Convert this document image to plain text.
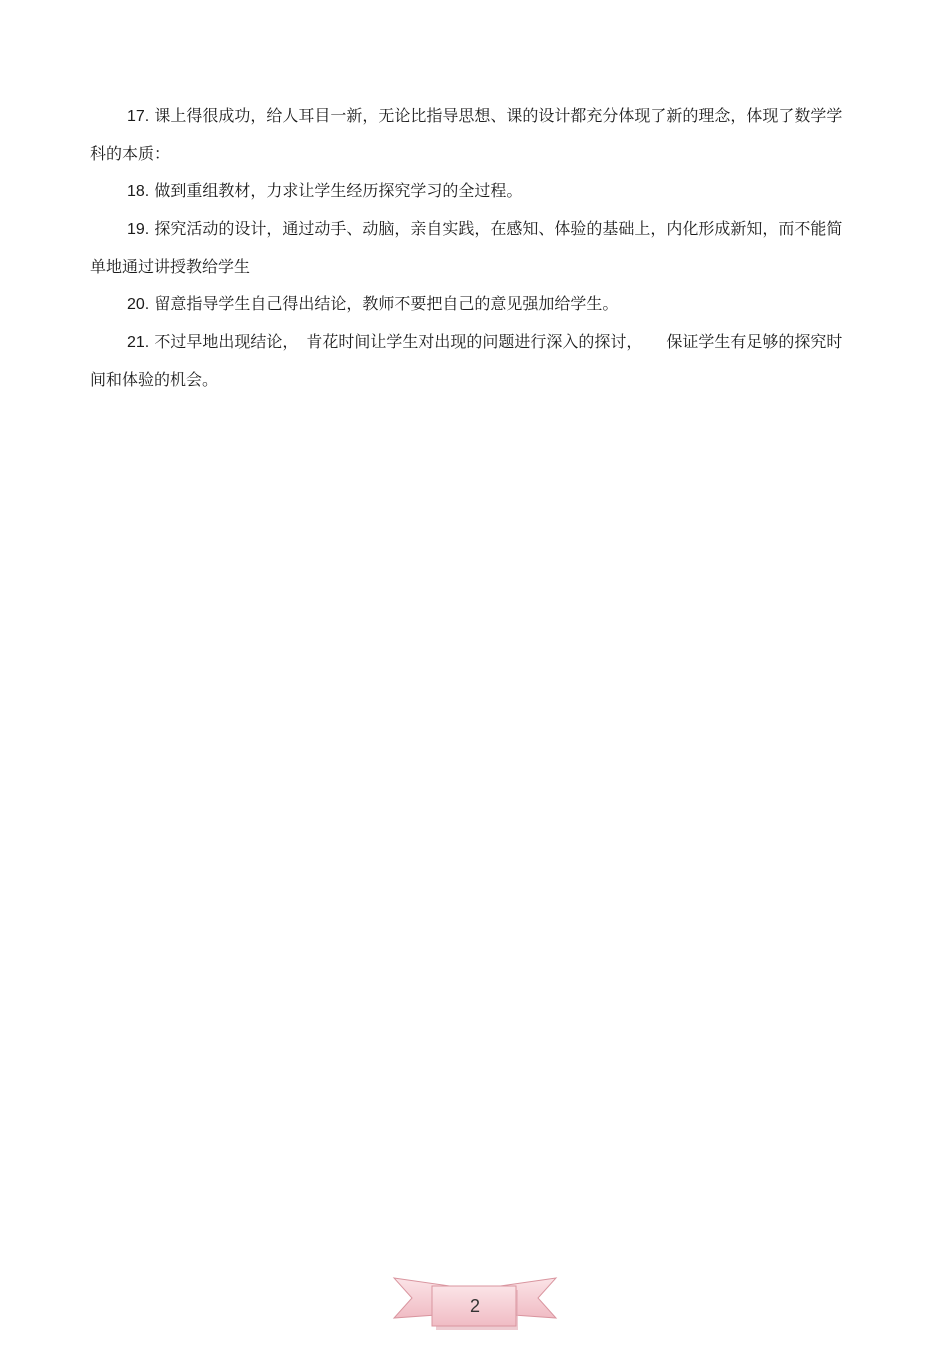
17. 课上得很成功，给人耳目一新，无论比指导思想、课的设计都充分体现了新的理念，体现了数学学科的本质：

18. 做到重组教材，力求让学生经历探究学习的全过程。

19. 探究活动的设计，通过动手、动脑，亲自实践，在感知、体验的基础上，内化形成新知，而不能简单地通过讲授教给学生

20. 留意指导学生自己得出结论，教师不要把自己的意见强加给学生。

21. 不过早地出现结论，　肯花时间让学生对出现的问题进行深入的探讨，　　保证学生有足够的探究时间和体验的机会。

2
